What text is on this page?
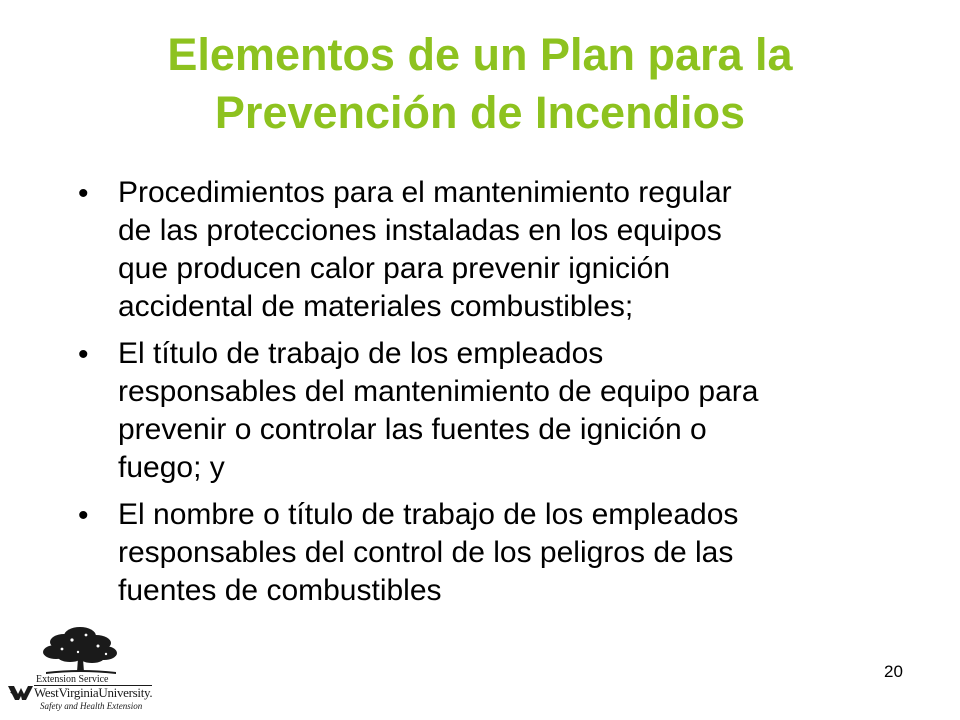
Elementos de un Plan para la
Prevención de Incendios
• Procedimientos para el mantenimiento regular
de las protecciones instaladas en los equipos
que producen calor para prevenir ignición
accidental de materiales combustibles;
• El título de trabajo de los empleados
responsables del mantenimiento de equipo para
prevenir o controlar las fuentes de ignición o
fuego; y
• El nombre o título de trabajo de los empleados
responsables del control de los peligros de las
fuentes de combustibles
20
Extension Service
WestVirginiaUniversity.
Safety and Health Extension
